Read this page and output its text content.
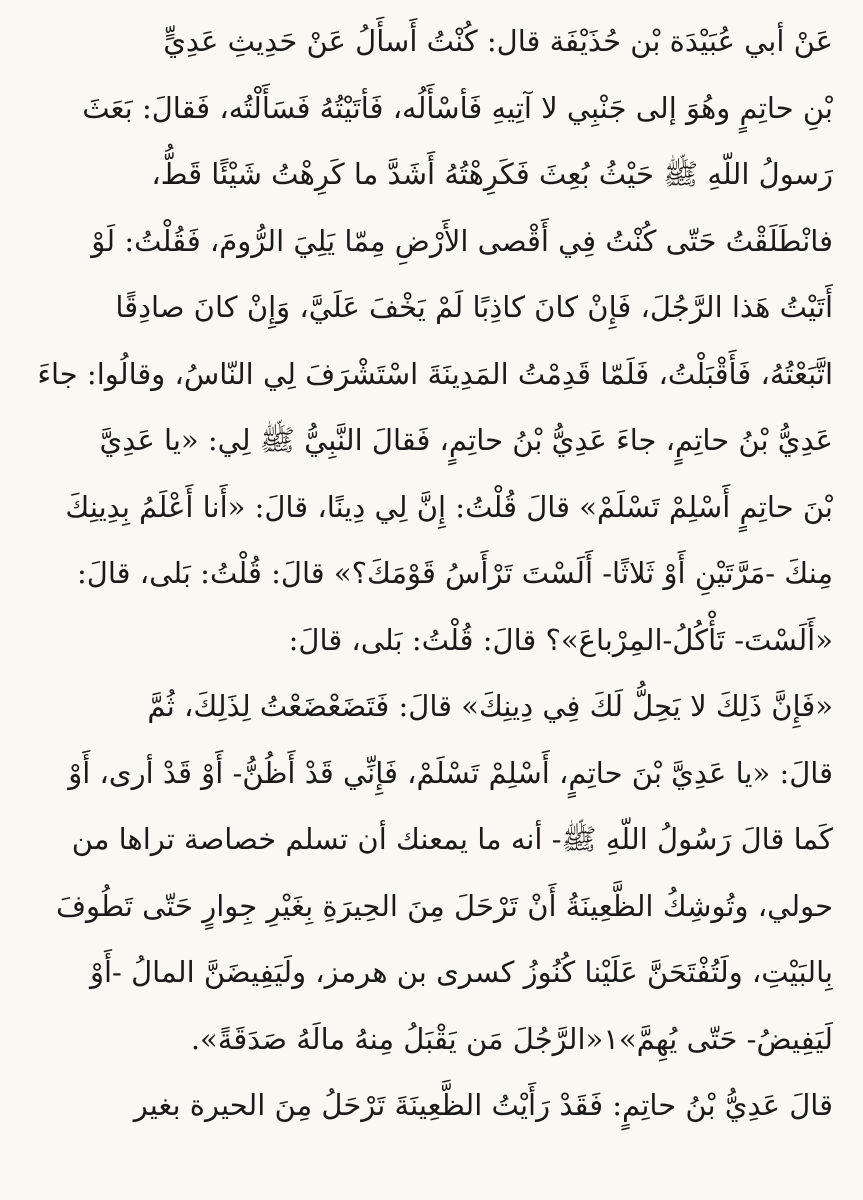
عَنْ أبي عُبَيْدَة بْن حُذَيْفَة قال: كُنْتُ أَسأَلُ عَنْ حَدِيثِ عَدِيٍّ
بْنِ حاتِمٍ وهُوَ إلى جَنْبِي لا آتِيهِ فَأسْأَلُه، فَأتَيْتُهُ فَسَأَلْتُه، فَقالَ: بَعَثَ
رَسولُ اللّهِ ﷺ حَيْثُ بُعِثَ فَكَرِهْتُهُ أَشَدَّ ما كَرِهْتُ شَيْئًا قَطُّ،
فانْطَلَقْتُ حَتّى كُنْتُ فِي أَقْصى الأَرْضِ مِمّا يَلِيَ الرُّومَ، فَقُلْتُ: لَوْ
أَتَيْتُ هَذا الرَّجُلَ، فَإِنْ كانَ كاذِبًا لَمْ يَخْفَ عَلَيَّ، وَإِنْ كانَ صادِقًا
اتَّبَعْتُهُ، فَأَقْبَلْتُ، فَلَمّا قَدِمْتُ المَدِينَةَ اسْتَشْرَفَ لِي النّاسُ، وقالُوا: جاءَ
عَدِيُّ بْنُ حاتِمٍ، جاءَ عَدِيُّ بْنُ حاتِمٍ، فَقالَ النَّبِيُّ ﷺ لِي: «يا عَدِيَّ
بْنَ حاتِمٍ أَسْلِمْ تَسْلَمْ» قالَ قُلْتُ: إِنَّ لِي دِينًا، قالَ: «أَنا أَعْلَمُ بِدِينِكَ
مِنكَ -مَرَّتَيْنِ أَوْ ثَلاثًا- أَلَسْتَ تَرْأَسُ قَوْمَكَ؟» قالَ: قُلْتُ: بَلى، قالَ:
«أَلَسْتَ- تَأْكُلُ-المِرْباعَ»؟ قالَ: قُلْتُ: بَلى، قالَ:
«فَإِنَّ ذَلِكَ لا يَحِلُّ لَكَ فِي دِينِكَ» قالَ: فَتَضَعْضَعْتُ لِذَلِكَ، ثُمَّ
قالَ: «يا عَدِيَّ بْنَ حاتِمٍ، أَسْلِمْ تَسْلَمْ، فَإِنِّي قَدْ أَظُنُّ- أَوْ قَدْ أرى، أَوْ
كَما قالَ رَسُولُ اللّهِ ﷺ- أنه ما يمعنك أن تسلم خصاصة تراها من
حولي، وتُوشِكُ الظَّعِينَةُ أَنْ تَرْحَلَ مِنَ الحِيرَةِ بِغَيْرِ جِوارٍ حَتّى تَطُوفَ
بِالبَيْتِ، ولَتُفْتَحَنَّ عَلَيْنا كُنُوزُ كسرى بن هرمز، ولَيَفِيضَنَّ المالُ -أَوْ
لَيَفِيضُ- حَتّى يُهِمَّ»١«الرَّجُلَ مَن يَقْبَلُ مِنهُ مالَهُ صَدَقَةً».
قالَ عَدِيُّ بْنُ حاتِمٍ: فَقَدْ رَأَيْتُ الظَّعِينَةَ تَرْحَلُ مِنَ الحيرة بغير
